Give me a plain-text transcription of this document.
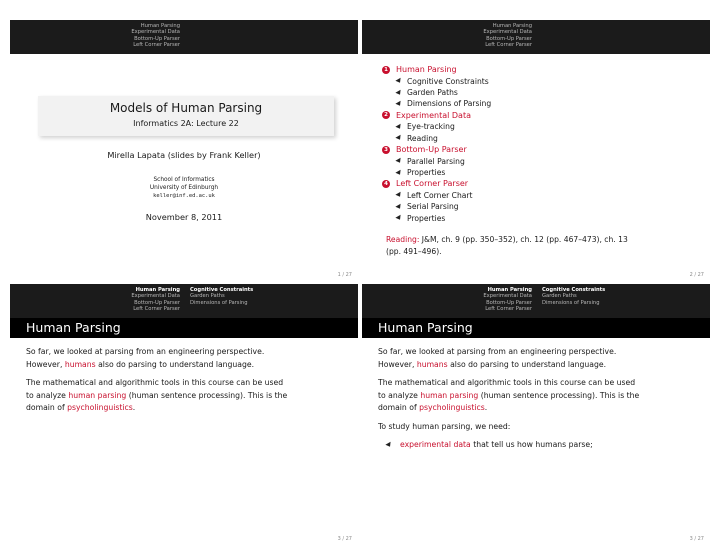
Human Parsing
Experimental Data
Bottom-Up Parser
Left Corner Parser
Models of Human Parsing
Informatics 2A: Lecture 22
Mirella Lapata (slides by Frank Keller)
School of Informatics
University of Edinburgh
keller@inf.ed.ac.uk
November 8, 2011
1 / 27
Human Parsing
Experimental Data
Bottom-Up Parser
Left Corner Parser
1 Human Parsing
Cognitive Constraints
Garden Paths
Dimensions of Parsing
2 Experimental Data
Eye-tracking
Reading
3 Bottom-Up Parser
Parallel Parsing
Properties
4 Left Corner Parser
Left Corner Chart
Serial Parsing
Properties
Reading: J&M, ch. 9 (pp. 350–352), ch. 12 (pp. 467–473), ch. 13
(pp. 491–496).
2 / 27
Human Parsing
Experimental Data
Bottom-Up Parser
Left Corner Parser
Cognitive Constraints
Garden Paths
Dimensions of Parsing
Human Parsing

So far, we looked at parsing from an engineering perspective.
However, humans also do parsing to understand language.

The mathematical and algorithmic tools in this course can be used
to analyze human parsing (human sentence processing). This is the
domain of psycholinguistics.

3 / 27
Human Parsing
Experimental Data
Bottom-Up Parser
Left Corner Parser
Cognitive Constraints
Garden Paths
Dimensions of Parsing
Human Parsing

So far, we looked at parsing from an engineering perspective.
However, humans also do parsing to understand language.

The mathematical and algorithmic tools in this course can be used
to analyze human parsing (human sentence processing). This is the
domain of psycholinguistics.

To study human parsing, we need:

experimental data that tell us how humans parse;
3 / 27
